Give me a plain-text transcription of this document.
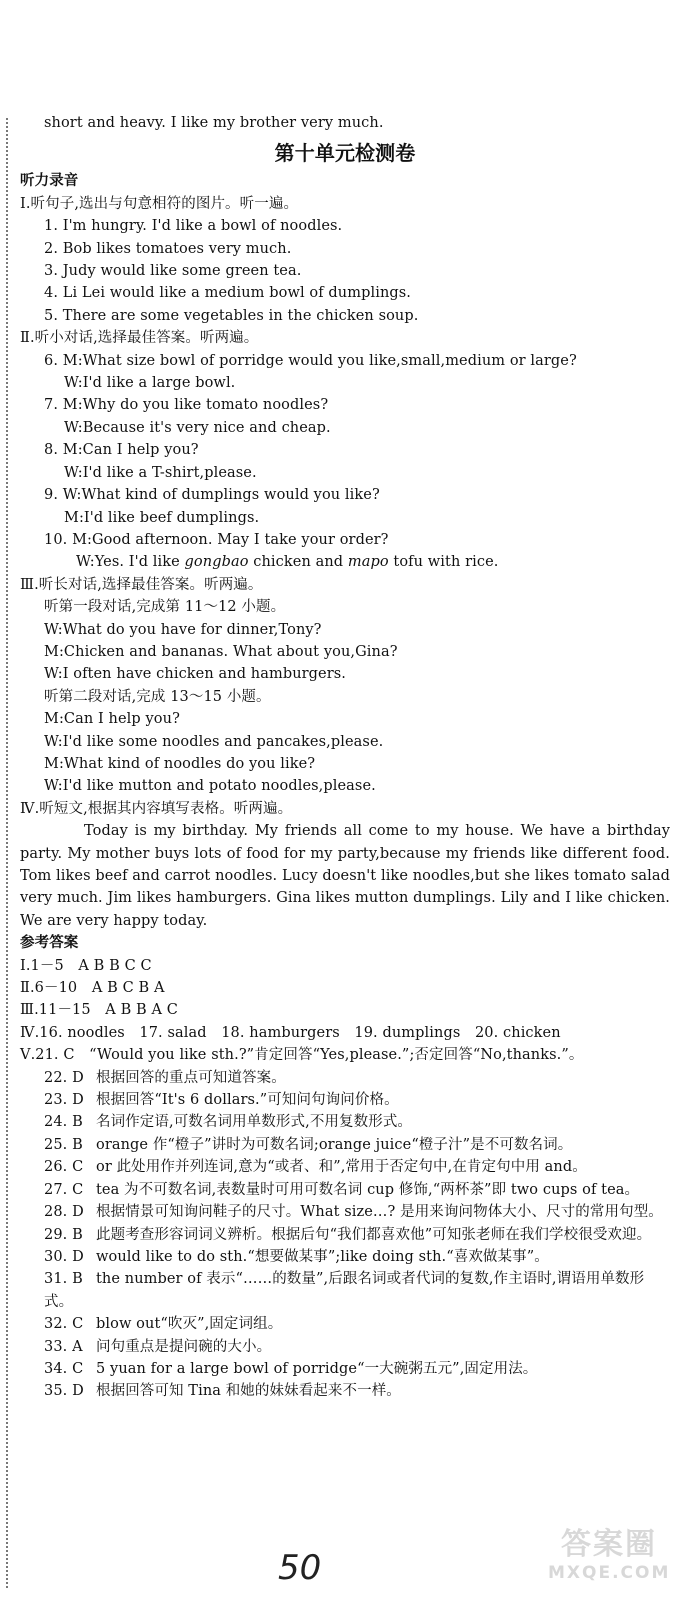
short and heavy. I like my brother very much.
第十单元检测卷
听力录音
Ⅰ.听句子,选出与句意相符的图片。听一遍。
1. I'm hungry. I'd like a bowl of noodles.
2. Bob likes tomatoes very much.
3. Judy would like some green tea.
4. Li Lei would like a medium bowl of dumplings.
5. There are some vegetables in the chicken soup.
Ⅱ.听小对话,选择最佳答案。听两遍。
6. M:What size bowl of porridge would you like,small,medium or large?
W:I'd like a large bowl.
7. M:Why do you like tomato noodles?
W:Because it's very nice and cheap.
8. M:Can I help you?
W:I'd like a T-shirt,please.
9. W:What kind of dumplings would you like?
M:I'd like beef dumplings.
10. M:Good afternoon. May I take your order?
W:Yes. I'd like gongbao chicken and mapo tofu with rice.
Ⅲ.听长对话,选择最佳答案。听两遍。
听第一段对话,完成第 11～12 小题。
W:What do you have for dinner,Tony?
M:Chicken and bananas. What about you,Gina?
W:I often have chicken and hamburgers.
听第二段对话,完成 13～15 小题。
M:Can I help you?
W:I'd like some noodles and pancakes,please.
M:What kind of noodles do you like?
W:I'd like mutton and potato noodles,please.
Ⅳ.听短文,根据其内容填写表格。听两遍。
Today is my birthday. My friends all come to my house. We have a birthday party. My mother buys lots of food for my party,because my friends like different food. Tom likes beef and carrot noodles. Lucy doesn't like noodles,but she likes tomato salad very much. Jim likes hamburgers. Gina likes mutton dumplings. Lily and I like chicken. We are very happy today.
参考答案
Ⅰ.1－5　A B B C C
Ⅱ.6－10　A B C B A
Ⅲ.11－15　A B B A C
Ⅳ.16. noodles　17. salad　18. hamburgers　19. dumplings　20. chicken
Ⅴ.21. C　“Would you like sth.?”肯定回答“Yes,please.”;否定回答“No,thanks.”。
22. D 根据回答的重点可知道答案。
23. D 根据回答“It's 6 dollars.”可知问句询问价格。
24. B 名词作定语,可数名词用单数形式,不用复数形式。
25. B orange 作“橙子”讲时为可数名词;orange juice“橙子汁”是不可数名词。
26. C or 此处用作并列连词,意为“或者、和”,常用于否定句中,在肯定句中用 and。
27. C tea 为不可数名词,表数量时可用可数名词 cup 修饰,“两杯茶”即 two cups of tea。
28. D 根据情景可知询问鞋子的尺寸。What size…? 是用来询问物体大小、尺寸的常用句型。
29. B 此题考查形容词词义辨析。根据后句“我们都喜欢他”可知张老师在我们学校很受欢迎。
30. D would like to do sth.“想要做某事”;like doing sth.“喜欢做某事”。
31. B the number of 表示“……的数量”,后跟名词或者代词的复数,作主语时,谓语用单数形式。
32. C blow out“吹灭”,固定词组。
33. A 问句重点是提问碗的大小。
34. C 5 yuan for a large bowl of porridge“一大碗粥五元”,固定用法。
35. D 根据回答可知 Tina 和她的妹妹看起来不一样。
50
答案圈
MXQE.COM
